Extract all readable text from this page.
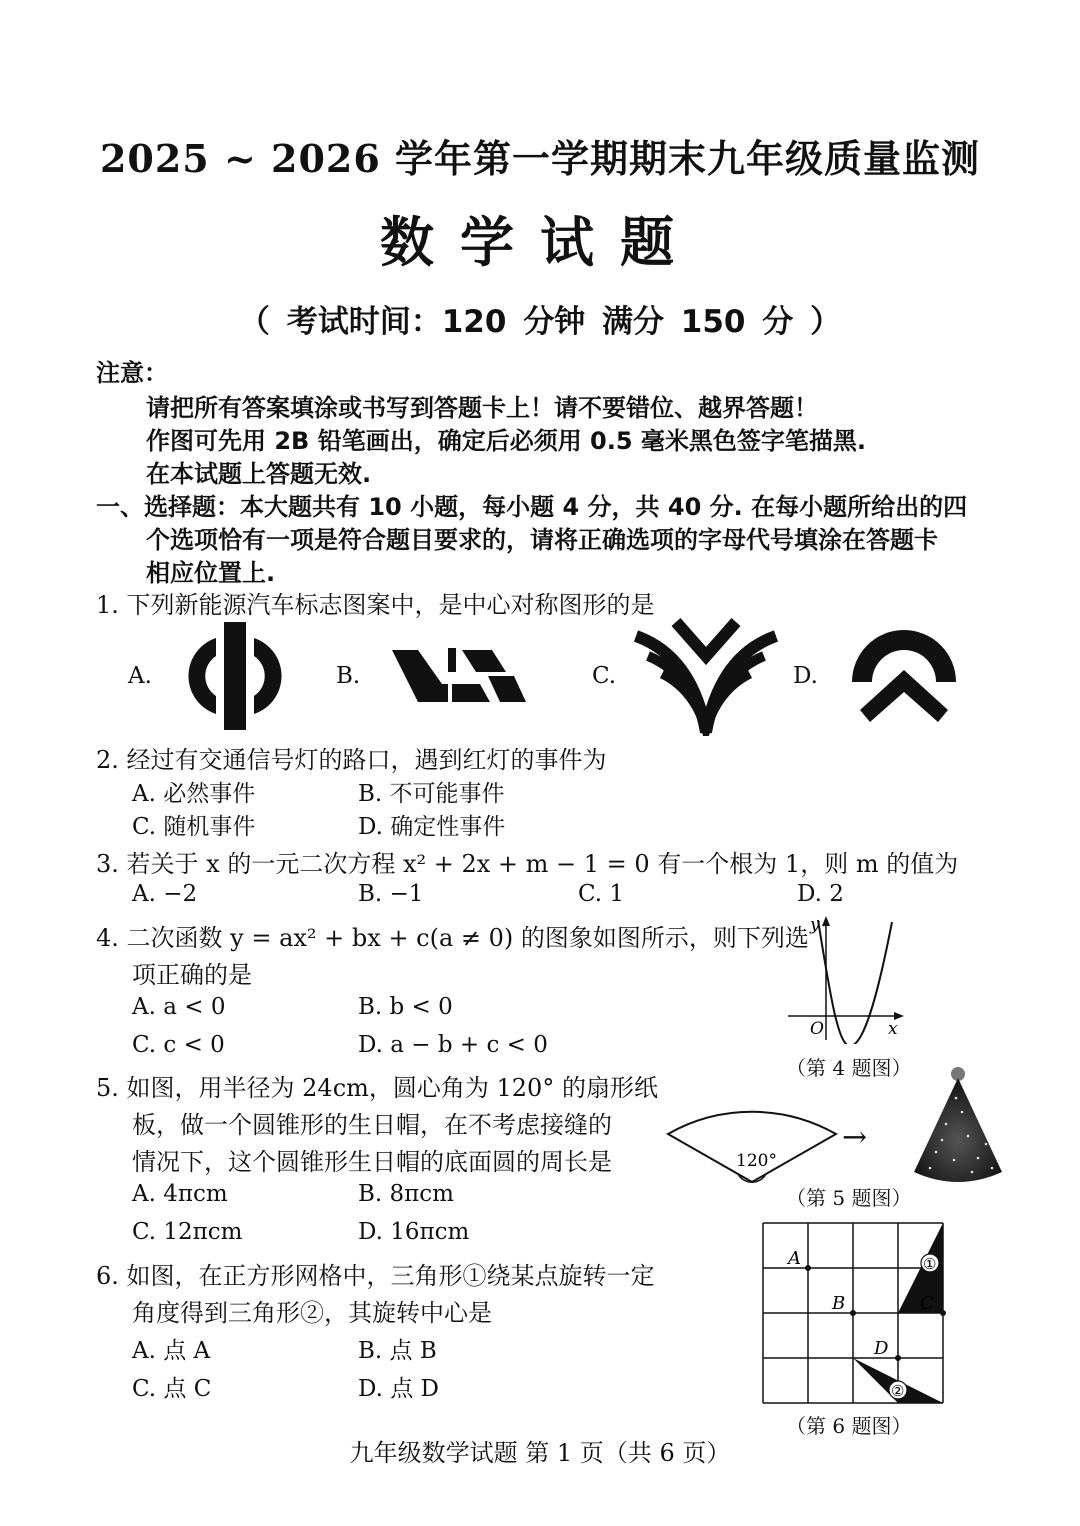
2025 ~ 2026 学年第一学期期末九年级质量监测
数学试题
（ 考试时间：120 分钟 满分 150 分 ）
注意：
请把所有答案填涂或书写到答题卡上！请不要错位、越界答题！
作图可先用 2B 铅笔画出，确定后必须用 0.5 毫米黑色签字笔描黑.
在本试题上答题无效.
一、选择题：本大题共有 10 小题，每小题 4 分，共 40 分. 在每小题所给出的四
个选项恰有一项是符合题目要求的，请将正确选项的字母代号填涂在答题卡
相应位置上.
1. 下列新能源汽车标志图案中，是中心对称图形的是
A.	B.	C.	D.
2. 经过有交通信号灯的路口，遇到红灯的事件为
A. 必然事件	B. 不可能事件
C. 随机事件	D. 确定性事件
3. 若关于 x 的一元二次方程 x² + 2x + m − 1 = 0 有一个根为 1，则 m 的值为
A. −2	B. −1	C. 1	D. 2
4. 二次函数 y = ax² + bx + c(a ≠ 0) 的图象如图所示，则下列选
项正确的是
A. a < 0	B. b < 0
C. c < 0	D. a − b + c < 0
y
x
O
（第 4 题图）
5. 如图，用半径为 24cm，圆心角为 120° 的扇形纸
板，做一个圆锥形的生日帽，在不考虑接缝的
情况下，这个圆锥形生日帽的底面圆的周长是
A. 4πcm	B. 8πcm
C. 12πcm	D. 16πcm
120°
→
（第 5 题图）
6. 如图，在正方形网格中，三角形①绕某点旋转一定
角度得到三角形②，其旋转中心是
A. 点 A	B. 点 B
C. 点 C	D. 点 D
A
B	C
D
①
②
（第 6 题图）
九年级数学试题 第 1 页（共 6 页）
